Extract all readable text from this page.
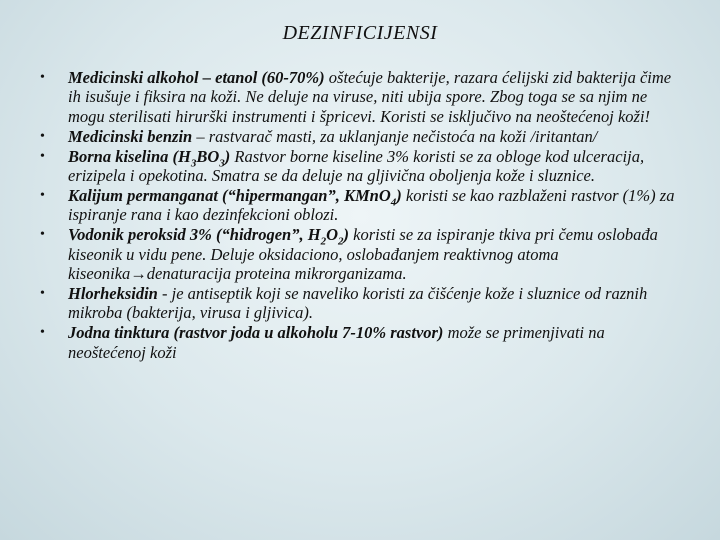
DEZINFICIJENSI
• Medicinski alkohol – etanol (60-70%) oštećuje bakterije, razara ćelijski zid bakterija čime ih isušuje i fiksira na koži. Ne deluje na viruse, niti ubija spore. Zbog toga se sa njim ne mogu sterilisati hirurški instrumenti i špricevi. Koristi se isključivo na neoštećenoj koži!
• Medicinski benzin – rastvarač masti, za uklanjanje nečistoća na koži /iritantan/
• Borna kiselina $(H_3BO_3)$ Rastvor borne kiseline 3% koristi se za obloge kod ulceracija, erizipela i opekotina. Smatra se da deluje na gljivična oboljenja kože i sluznice.
• Kalijum permanganat (“hipermangan”, KMnO$_4$) koristi se kao razblaženi rastvor (1%) za ispiranje rana i kao dezinfekcioni oblozi.
• Vodonik peroksid 3% (“hidrogen”, $H_2O_2$) koristi se za ispiranje tkiva pri čemu oslobađa kiseonik u vidu pene. Deluje oksidaciono, oslobađanjem reaktivnog atoma kiseonika→denaturacija proteina mikrorganizama.
• Hlorheksidin - je antiseptik koji se naveliko koristi za čišćenje kože i sluznice od raznih mikroba (bakterija, virusa i gljivica).
• Jodna tinktura (rastvor joda u alkoholu 7-10% rastvor) može se primenjivati na neoštećenoj koži
